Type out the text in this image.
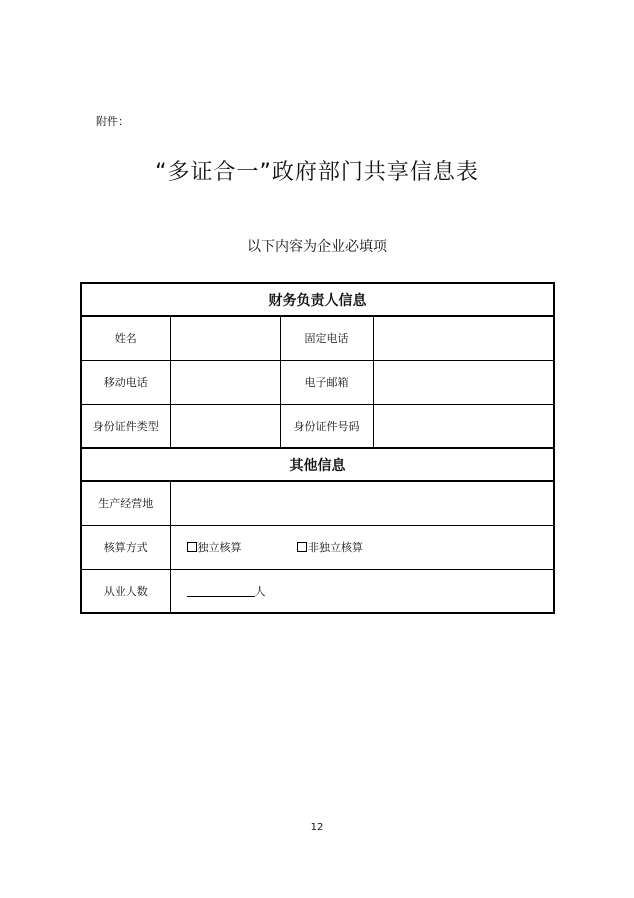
附件：
“多证合一”政府部门共享信息表
以下内容为企业必填项
财务负责人信息			
姓名		固定电话	
移动电话		电子邮箱	
身份证件类型		身份证件号码	
其他信息			
生产经营地			
核算方式	独立核算 非独立核算		
从业人数	人		
12
